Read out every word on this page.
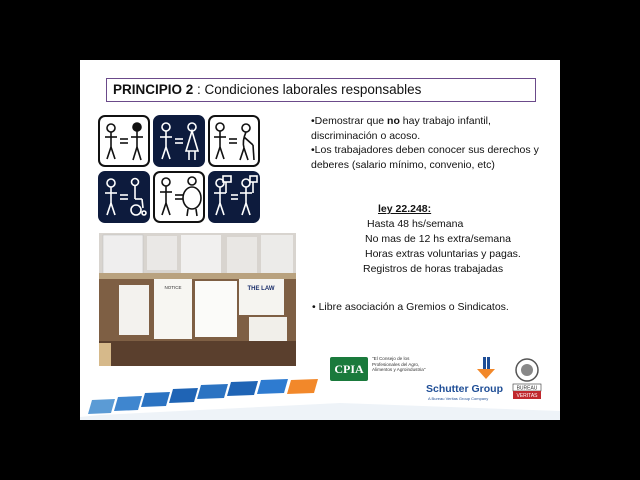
PRINCIPIO 2 : Condiciones laborales responsables
NOTICE	THE LAW

•Demostrar que no hay trabajo infantil, discriminación o acoso.

•Los trabajadores deben conocer sus derechos y deberes (salario mínimo, convenio, etc)

ley 22.248:
Hasta 48 hs/semana
No mas de 12 hs extra/semana
Horas extras voluntarias y pagas.
Registros de horas trabajadas
• Libre asociación a Gremios o Sindicatos.
CPIA
"El Consejo de los Profesionales del Agro, Alimentos y Agroindustria"
Schutter Group
A Bureau Veritas Group Company
BUREAU
VERITAS
